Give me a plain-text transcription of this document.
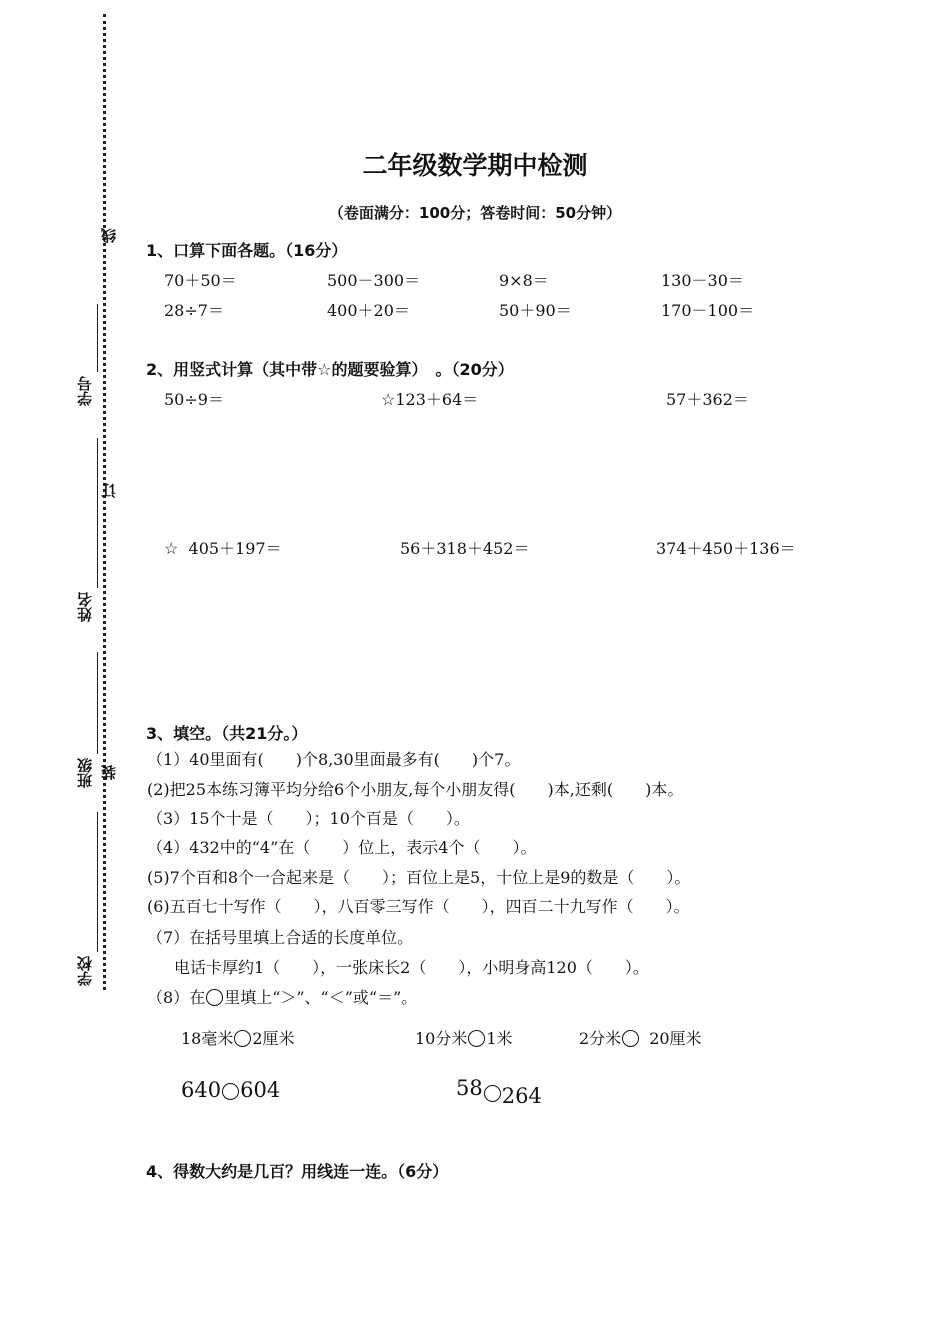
线
订
装
学号
姓名
班级
学校
二年级数学期中检测
（卷面满分：100分；答卷时间：50分钟）
1、口算下面各题。（16分）
70＋50＝	500－300＝	9×8＝	130－30＝
28÷7＝	400＋20＝	50＋90＝	170－100＝
2、用竖式计算（其中带☆的题要验算）　。（20分）
50÷9＝	☆123＋64＝	57＋362＝
☆  405＋197＝	56＋318＋452＝	374＋450＋136＝
3、填空。（共21分。）
（1）40里面有(　　)个8,30里面最多有(　　)个7。
(2)把25本练习簿平均分给6个小朋友,每个小朋友得(　　)本,还剩(　　)本。
（3）15个十是（　　）；10个百是（　　）。
（4）432中的“4”在（　　）位上，表示4个（　　）。
(5)7个百和8个一合起来是（　　）；百位上是5，十位上是9的数是（　　）。
(6)五百七十写作（　　），八百零三写作（　　），四百二十九写作（　　）。
（7）在括号里填上合适的长度单位。
电话卡厚约1（　　），一张床长2（　　），小明身高120（　　）。
（8）在 里填上“＞”、“＜”或“＝”。
18毫米 2厘米	10分米 1米	2分米 20厘米
640 604	58 264
4、得数大约是几百？用线连一连。（6分）
